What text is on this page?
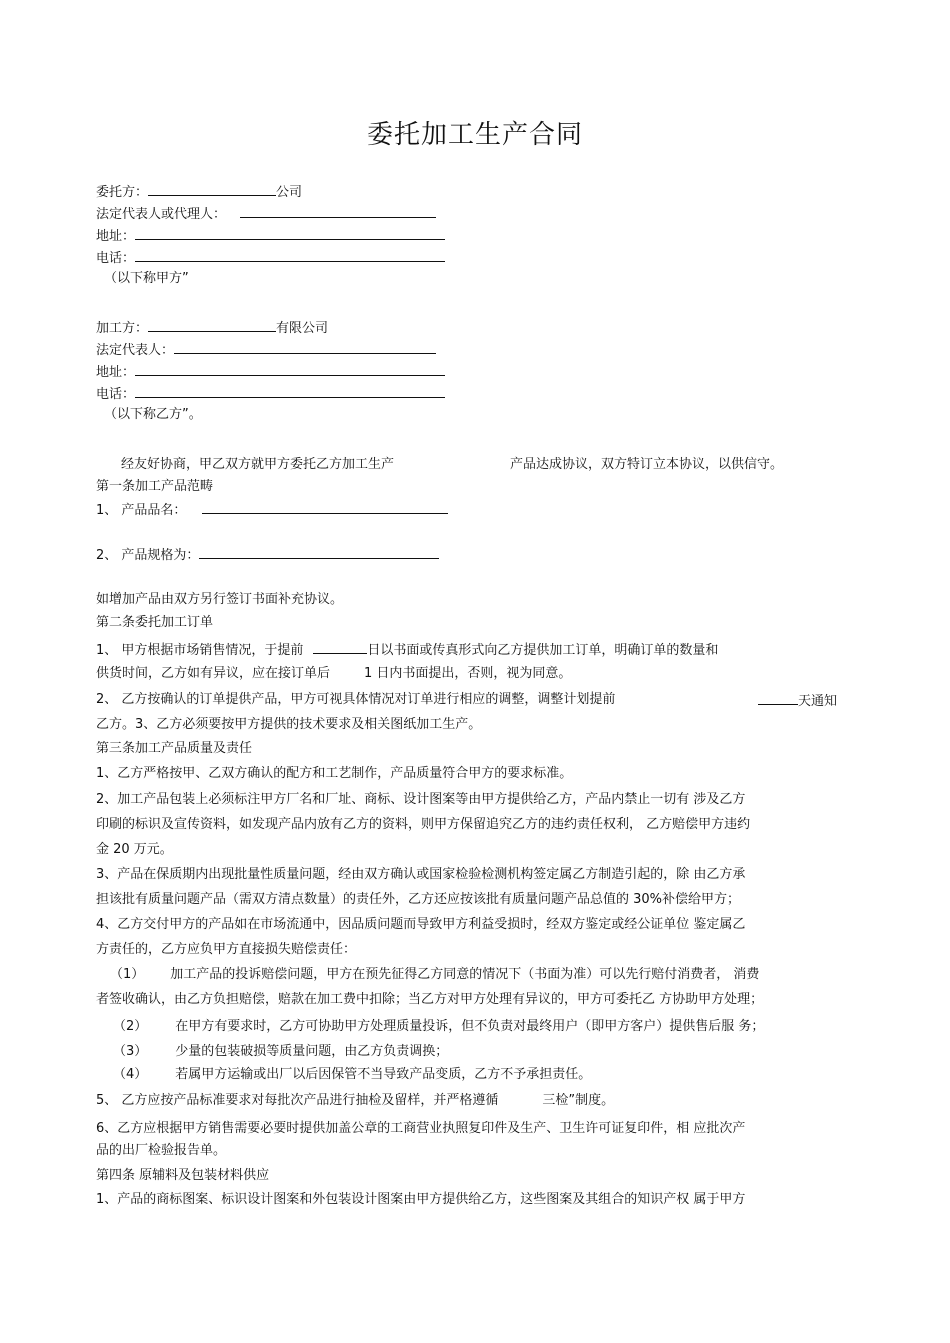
委托加工生产合同
委托方：	公司
法定代表人或代理人：
地址：
电话：
（以下称甲方”
加工方：	有限公司
法定代表人：
地址：
电话：
（以下称乙方”。
经友好协商，甲乙双方就甲方委托乙方加工生产	产品达成协议，双方特订立本协议，以供信守。
第一条加工产品范畴
1、 产品品名：
2、 产品规格为：
如增加产品由双方另行签订书面补充协议。
第二条委托加工订单
1、 甲方根据市场销售情况，于提前	日以书面或传真形式向乙方提供加工订单，明确订单的数量和
供货时间，乙方如有异议，应在接订单后	1 日内书面提出，否则，视为同意。
2、 乙方按确认的订单提供产品，甲方可视具体情况对订单进行相应的调整，调整计划提前	天通知
乙方。3、乙方必须要按甲方提供的技术要求及相关图纸加工生产。
第三条加工产品质量及责任
1、乙方严格按甲、乙双方确认的配方和工艺制作，产品质量符合甲方的要求标准。
2、加工产品包装上必须标注甲方厂名和厂址、商标、设计图案等由甲方提供给乙方，产品内禁止一切有 涉及乙方
印刷的标识及宣传资料，如发现产品内放有乙方的资料，则甲方保留追究乙方的违约责任权利， 乙方赔偿甲方违约
金 20 万元。
3、产品在保质期内出现批量性质量问题，经由双方确认或国家检验检测机构签定属乙方制造引起的，除 由乙方承
担该批有质量问题产品（需双方清点数量）的责任外，乙方还应按该批有质量问题产品总值的 30%补偿给甲方；
4、乙方交付甲方的产品如在市场流通中，因品质问题而导致甲方利益受损时，经双方鉴定或经公证单位 鉴定属乙
方责任的，乙方应负甲方直接损失赔偿责任：
（1） 加工产品的投诉赔偿问题，甲方在预先征得乙方同意的情况下（书面为准）可以先行赔付消费者， 消费
者签收确认，由乙方负担赔偿，赔款在加工费中扣除；当乙方对甲方处理有异议的，甲方可委托乙 方协助甲方处理；
（2） 在甲方有要求时，乙方可协助甲方处理质量投诉，但不负责对最终用户（即甲方客户）提供售后服 务；
（3） 少量的包装破损等质量问题，由乙方负责调换；
（4） 若属甲方运输或出厂以后因保管不当导致产品变质，乙方不予承担责任。
5、 乙方应按产品标准要求对每批次产品进行抽检及留样，并严格遵循	三检”制度。
6、乙方应根据甲方销售需要必要时提供加盖公章的工商营业执照复印件及生产、卫生许可证复印件，相 应批次产
品的出厂检验报告单。
第四条 原辅料及包装材料供应
1、产品的商标图案、标识设计图案和外包装设计图案由甲方提供给乙方，这些图案及其组合的知识产权 属于甲方
